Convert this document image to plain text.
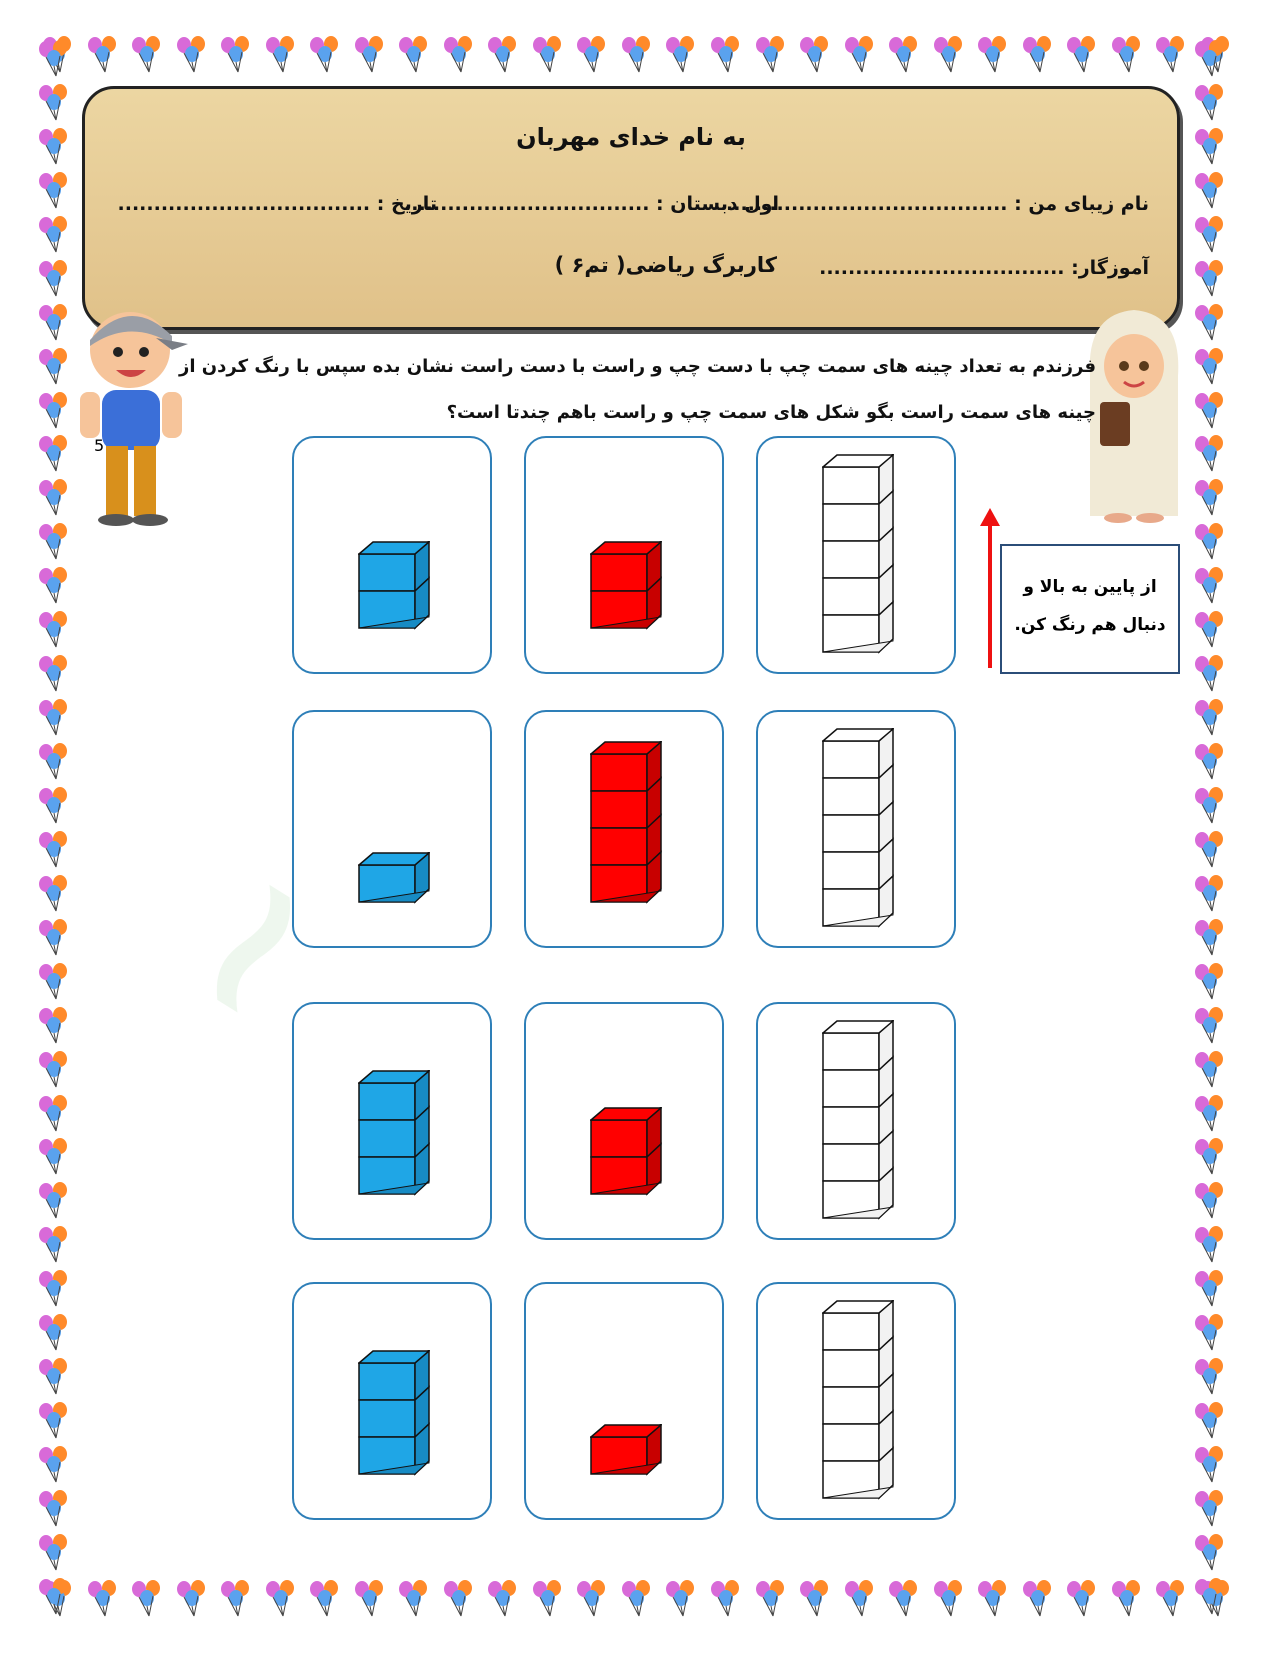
~
به نام خدای مهربان
نام زیبای من : .......................................
اول دبستان : ..................................
تاریخ : ...................................
آموزگار: ..................................
کاربرگ ریاضی( تم۶ )
5
فرزندم به تعداد چینه های سمت چپ با دست چپ و راست با دست راست نشان بده سپس با رنگ کردن از
چینه های سمت راست بگو شکل های سمت چپ و راست باهم چندتا است؟
از پایین به بالا و
دنبال هم رنگ کن.
